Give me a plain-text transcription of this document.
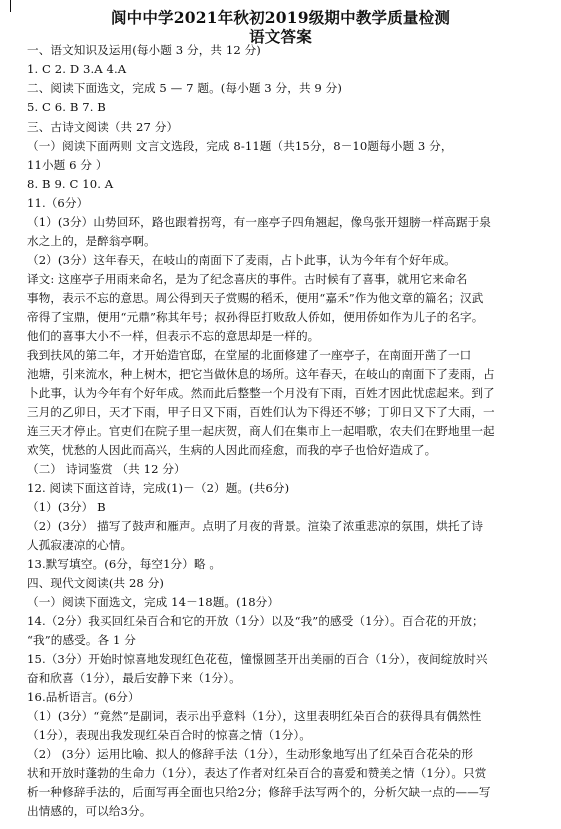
阆中中学2021年秋初2019级期中教学质量检测
语文答案
一、语文知识及运用(每小题 3 分，共 12 分)
1. C 2. D 3.A 4.A
二、阅读下面选文，完成 5 — 7 题。(每小题 3 分，共 9 分)
5. C 6. B 7. B
三、古诗文阅读（共 27 分）
（一）阅读下面两则 文言文选段，完成 8-11题（共15分，8－10题每小题 3 分，
11小题 6 分 ）
8. B 9. C 10. A
11.（6分）
（1）(3分）山势回环，路也跟着拐弯，有一座亭子四角翘起，像鸟张开翅膀一样高踞于泉
水之上的，是醉翁亭啊。
（2）(3分）这年春天，在岐山的南面下了麦雨，占卜此事，认为今年有个好年成。
译文: 这座亭子用雨来命名，是为了纪念喜庆的事件。古时候有了喜事，就用它来命名
事物，表示不忘的意思。周公得到天子赏赐的稻禾，便用“嘉禾”作为他文章的篇名；汉武
帝得了宝鼎，便用“元鼎”称其年号；叔孙得臣打败敌人侨如，便用侨如作为儿子的名字。
他们的喜事大小不一样，但表示不忘的意思却是一样的。
我到扶风的第二年，才开始造官邸，在堂屋的北面修建了一座亭子，在南面开凿了一口
池塘，引来流水，种上树木，把它当做休息的场所。这年春天，在岐山的南面下了麦雨，占
卜此事，认为今年有个好年成。然而此后整整一个月没有下雨，百姓才因此忧虑起来。到了
三月的乙卯日，天才下雨，甲子日又下雨，百姓们认为下得还不够；丁卯日又下了大雨，一
连三天才停止。官吏们在院子里一起庆贺，商人们在集市上一起唱歌，农夫们在野地里一起
欢笑，忧愁的人因此而高兴，生病的人因此而痊愈，而我的亭子也恰好造成了。
（二） 诗词鉴赏 （共 12 分）
12. 阅读下面这首诗，完成(1)－（2）题。(共6分)
（1）(3分） B
（2）(3分） 描写了鼓声和雁声。点明了月夜的背景。渲染了浓重悲凉的氛围，烘托了诗
人孤寂凄凉的心情。
13.默写填空。(6分，每空1分）略 。
四、现代文阅读(共 28 分)
（一）阅读下面选文，完成 14－18题。(18分）
14.（2分）我买回红朵百合和它的开放（1分）以及“我”的感受（1分）。百合花的开放；
“我”的感受。各 1 分
15.（3分）开始时惊喜地发现红色花苞，憧憬圆茎开出美丽的百合（1分），夜间绽放时兴
奋和欣喜（1分），最后安静下来（1分）。
16.品析语言。(6分）
（1）(3分）“竟然”是副词，表示出乎意料（1分），这里表明红朵百合的获得具有偶然性
（1分），表现出我发现红朵百合时的惊喜之情（1分）。
（2） (3分）运用比喻、拟人的修辞手法（1分），生动形象地写出了红朵百合花朵的形
状和开放时蓬勃的生命力（1分），表达了作者对红朵百合的喜爱和赞美之情（1分）。只赏
析一种修辞手法的，后面写再全面也只给2分；修辞手法写两个的，分析欠缺一点的——写
出情感的，可以给3分。
